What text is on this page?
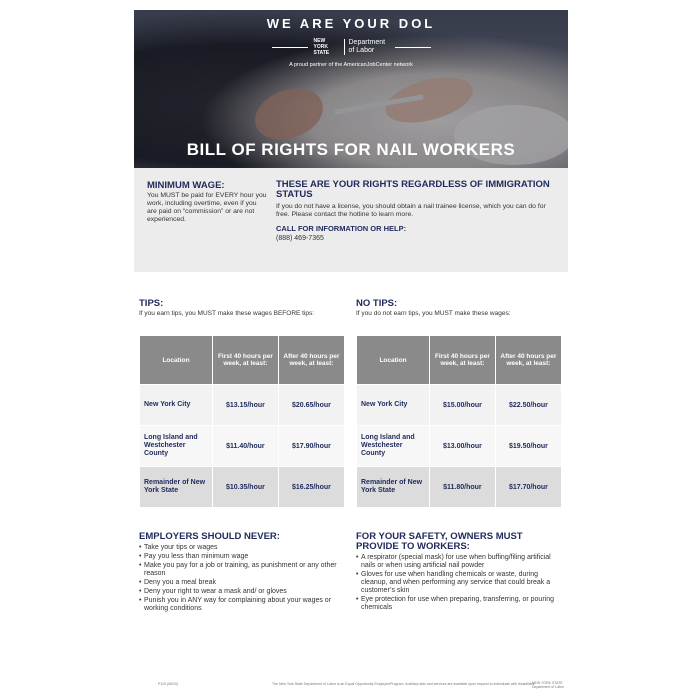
WE ARE YOUR DOL
NEW YORK STATE
Department of Labor
A proud partner of the AmericanJobCenter network
BILL OF RIGHTS FOR NAIL WORKERS
MINIMUM WAGE:

You MUST be paid for EVERY hour you work, including overtime, even if you are paid on “commission” or are not experienced.

THESE ARE YOUR RIGHTS REGARDLESS OF IMMIGRATION STATUS

If you do not have a license, you should obtain a nail trainee license, which you can do for free. Please contact the hotline to learn more.

CALL FOR INFORMATION OR HELP:
(888) 469-7365
TIPS:
If you earn tips, you MUST make these wages BEFORE tips:
Location	First 40 hours per week, at least:	After 40 hours per week, at least:
New York City	$13.15/hour	$20.65/hour
Long Island and Westchester County	$11.40/hour	$17.90/hour
Remainder of New York State	$10.35/hour	$16.25/hour
NO TIPS:
If you do not earn tips, you MUST make these wages:
Location	First 40 hours per week, at least:	After 40 hours per week, at least:
New York City	$15.00/hour	$22.50/hour
Long Island and Westchester County	$13.00/hour	$19.50/hour
Remainder of New York State	$11.80/hour	$17.70/hour
EMPLOYERS SHOULD NEVER:
• Take your tips or wages
• Pay you less than minimum wage
• Make you pay for a job or training, as punishment or any other reason
• Deny you a meal break
• Deny your right to wear a mask and/ or gloves
• Punish you in ANY way for complaining about your wages or working conditions
FOR YOUR SAFETY, OWNERS MUST PROVIDE TO WORKERS:
• A respirator (special mask) for use when buffing/filing artificial nails or when using artificial nail powder
• Gloves for use when handling chemicals or waste, during cleanup, and when performing any service that could break a customer’s skin
• Eye protection for use when preparing, transferring, or pouring chemicals
P115 (06/20)	The New York State Department of Labor is an Equal Opportunity Employer/Program. Auxiliary aids and services are available upon request to individuals with disabilities.
NEW YORK STATE Department of Labor
